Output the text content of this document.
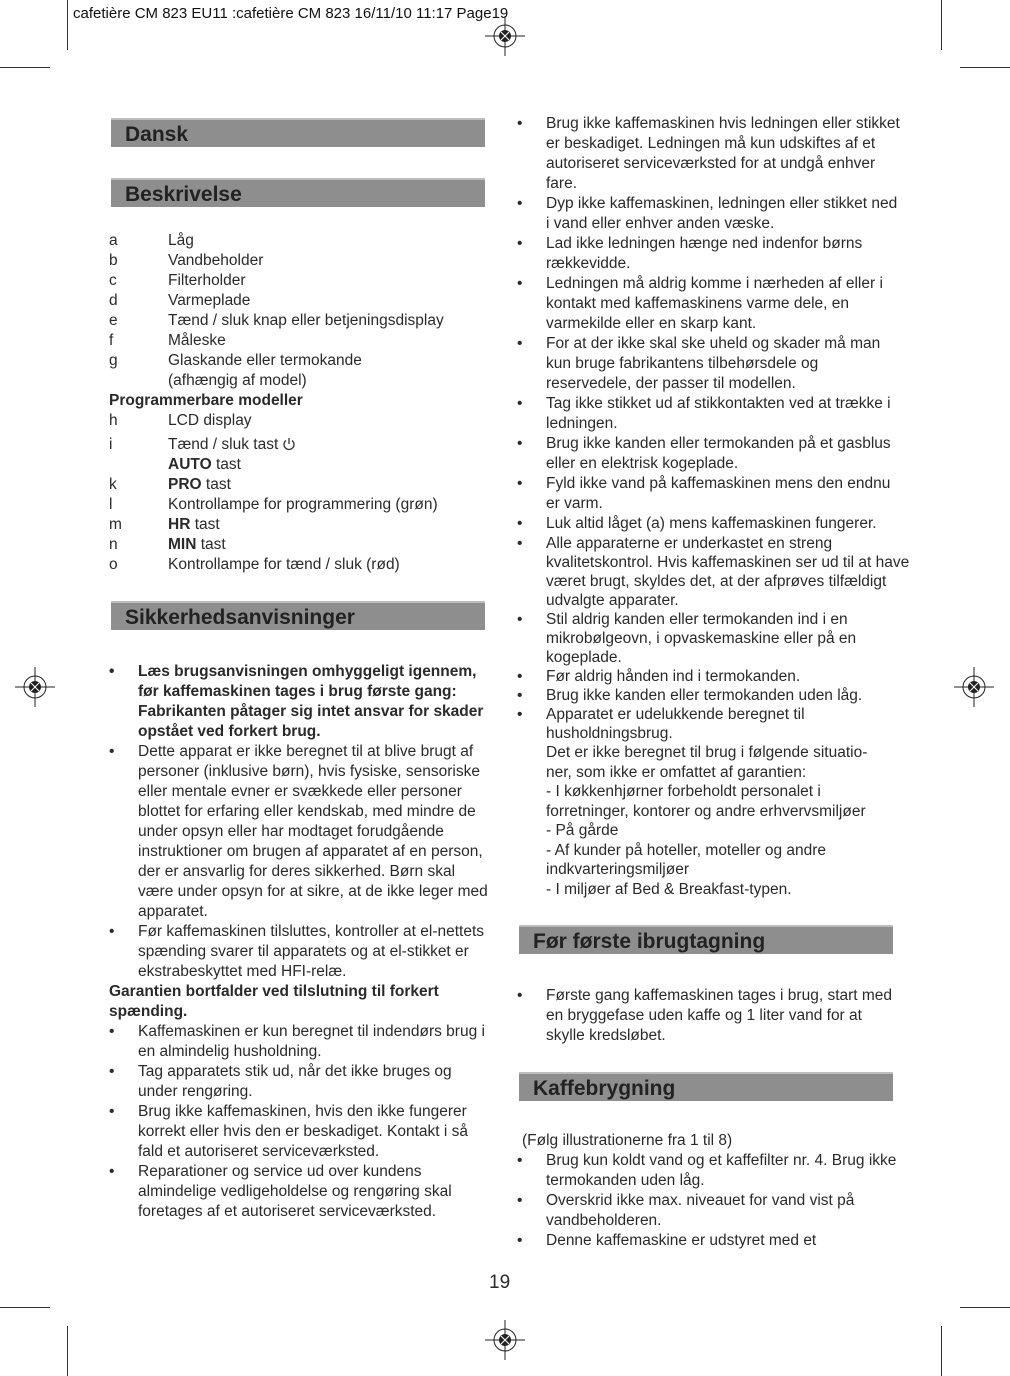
cafetière CM 823 EU11 :cafetière CM 823 16/11/10 11:17 Page19
Dansk
Beskrivelse
a	Låg
b	Vandbeholder
c	Filterholder
d	Varmeplade
e	Tænd / sluk knap eller betjeningsdisplay
f	Måleske
g	Glaskande eller termokande
(afhængig af model)
Programmerbare modeller
h	LCD display
i	Tænd / sluk tast
AUTO tast
k	PRO tast
l	Kontrollampe for programmering (grøn)
m	HR tast
n	MIN tast
o	Kontrollampe for tænd / sluk (rød)
Sikkerhedsanvisninger
•	Læs brugsanvisningen omhyggeligt igennem, før kaffemaskinen tages i brug første gang: Fabrikanten påtager sig intet ansvar for skader opstået ved forkert brug.
•	Dette apparat er ikke beregnet til at blive brugt af personer (inklusive børn), hvis fysiske, sensoriske eller mentale evner er svækkede eller personer blottet for erfaring eller kendskab, med mindre de under opsyn eller har modtaget forudgående instruktioner om brugen af apparatet af en person, der er ansvarlig for deres sikkerhed. Børn skal være under opsyn for at sikre, at de ikke leger med apparatet.
•	Før kaffemaskinen tilsluttes, kontroller at el-nettets spænding svarer til apparatets og at el-stikket er ekstrabeskyttet med HFI-relæ.
Garantien bortfalder ved tilslutning til forkert spænding.
•	Kaffemaskinen er kun beregnet til indendørs brug i en almindelig husholdning.
•	Tag apparatets stik ud, når det ikke bruges og under rengøring.
•	Brug ikke kaffemaskinen, hvis den ikke fungerer korrekt eller hvis den er beskadiget. Kontakt i så fald et autoriseret serviceværksted.
•	Reparationer og service ud over kundens almindelige vedligeholdelse og rengøring skal foretages af et autoriseret serviceværksted.
•	Brug ikke kaffemaskinen hvis ledningen eller stikket er beskadiget. Ledningen må kun udskiftes af et autoriseret serviceværksted for at undgå enhver fare.
•	Dyp ikke kaffemaskinen, ledningen eller stikket ned i vand eller enhver anden væske.
•	Lad ikke ledningen hænge ned indenfor børns rækkevidde.
•	Ledningen må aldrig komme i nærheden af eller i kontakt med kaffemaskinens varme dele, en varmekilde eller en skarp kant.
•	For at der ikke skal ske uheld og skader må man kun bruge fabrikantens tilbehørsdele og reservedele, der passer til modellen.
•	Tag ikke stikket ud af stikkontakten ved at trække i ledningen.
•	Brug ikke kanden eller termokanden på et gasblus eller en elektrisk kogeplade.
•	Fyld ikke vand på kaffemaskinen mens den endnu er varm.
•	Luk altid låget (a) mens kaffemaskinen fungerer.
•	Alle apparaterne er underkastet en streng kvalitetskontrol. Hvis kaffemaskinen ser ud til at have været brugt, skyldes det, at der afprøves tilfældigt udvalgte apparater.
•	Stil aldrig kanden eller termokanden ind i en mikrobølgeovn, i opvaskemaskine eller på en kogeplade.
•	Før aldrig hånden ind i termokanden.
•	Brug ikke kanden eller termokanden uden låg.
•	Apparatet er udelukkende beregnet til husholdningsbrug.
Det er ikke beregnet til brug i følgende situatio-
ner, som ikke er omfattet af garantien:
- I køkkenhjørner forbeholdt personalet i
forretninger, kontorer og andre erhvervsmiljøer
- På gårde
- Af kunder på hoteller, moteller og andre
indkvarteringsmiljøer
- I miljøer af Bed & Breakfast-typen.
Før første ibrugtagning
•	Første gang kaffemaskinen tages i brug, start med en bryggefase uden kaffe og 1 liter vand for at skylle kredsløbet.
Kaffebrygning
(Følg illustrationerne fra 1 til 8)
•	Brug kun koldt vand og et kaffefilter nr. 4. Brug ikke termokanden uden låg.
•	Overskrid ikke max. niveauet for vand vist på vandbeholderen.
•	Denne kaffemaskine er udstyret med et
19
